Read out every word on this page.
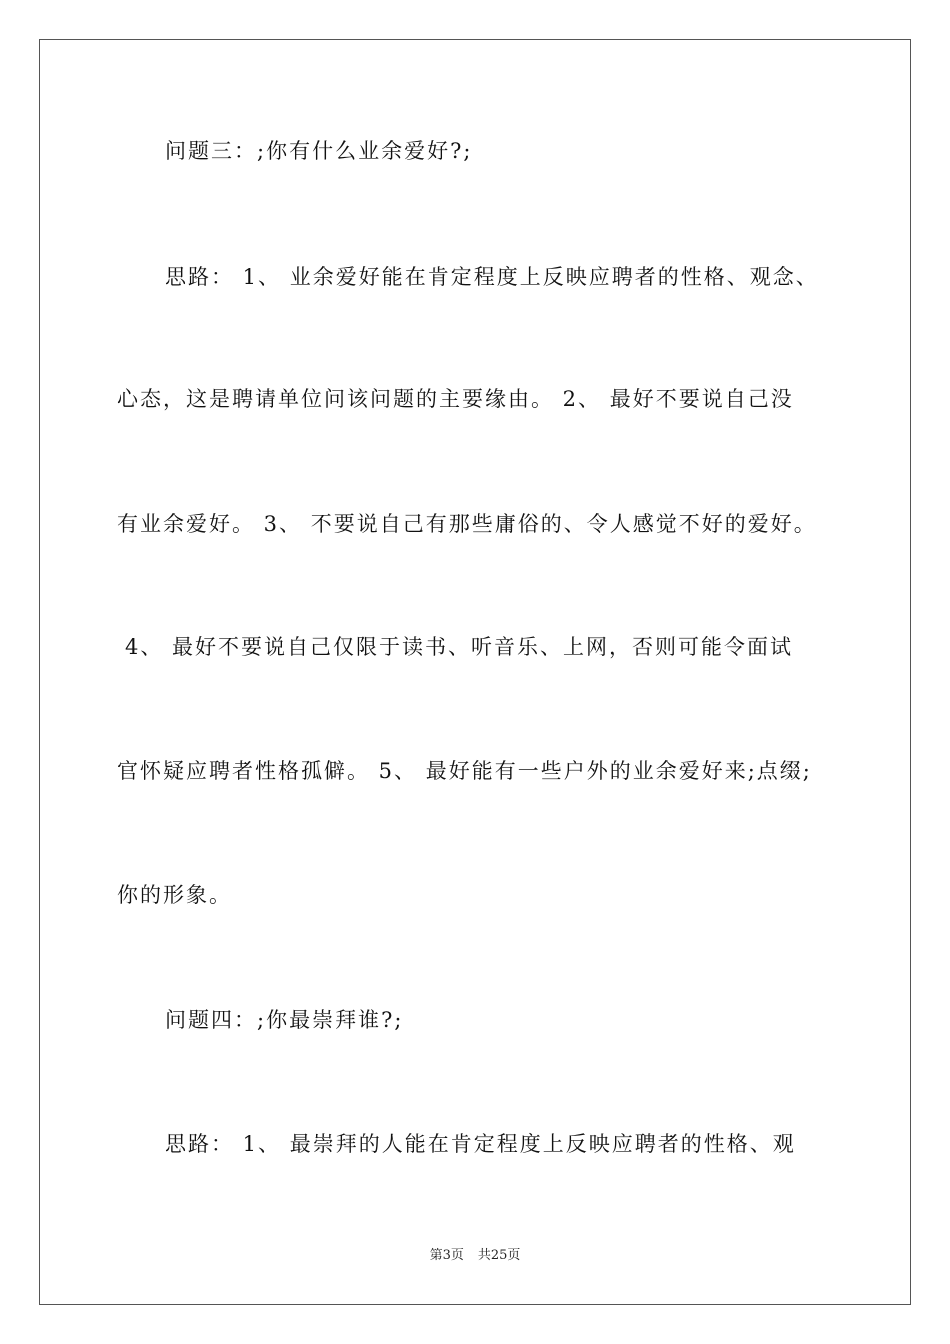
问题三：;你有什么业余爱好?;
思路： 1、 业余爱好能在肯定程度上反映应聘者的性格、观念、
心态，这是聘请单位问该问题的主要缘由。 2、 最好不要说自己没
有业余爱好。 3、 不要说自己有那些庸俗的、令人感觉不好的爱好。
4、 最好不要说自己仅限于读书、听音乐、上网，否则可能令面试
官怀疑应聘者性格孤僻。 5、 最好能有一些户外的业余爱好来;点缀;
你的形象。
问题四：;你最崇拜谁?;
思路： 1、 最崇拜的人能在肯定程度上反映应聘者的性格、观
第3页 共25页
